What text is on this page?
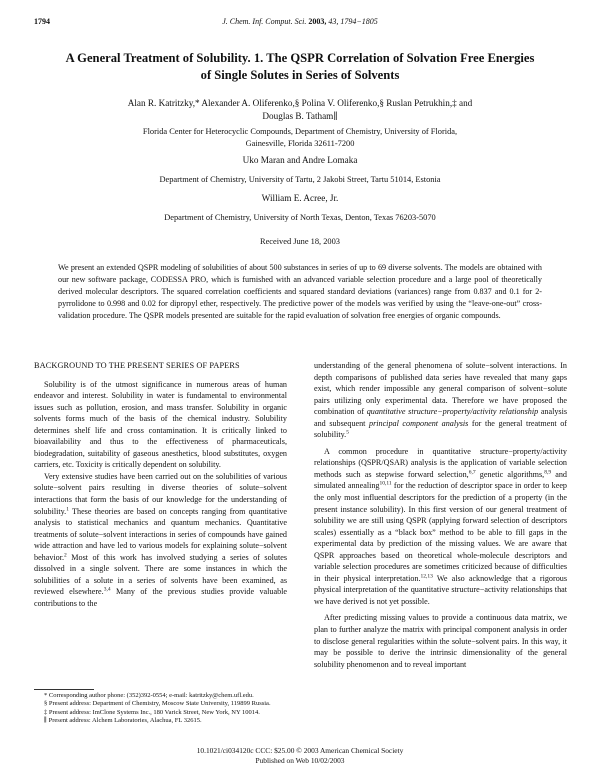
1794	J. Chem. Inf. Comput. Sci. 2003, 43, 1794−1805
A General Treatment of Solubility. 1. The QSPR Correlation of Solvation Free Energies
of Single Solutes in Series of Solvents
Alan R. Katritzky,* Alexander A. Oliferenko,§ Polina V. Oliferenko,§ Ruslan Petrukhin,‡ and
Douglas B. Tatham∥
Florida Center for Heterocyclic Compounds, Department of Chemistry, University of Florida,
Gainesville, Florida 32611-7200
Uko Maran and Andre Lomaka
Department of Chemistry, University of Tartu, 2 Jakobi Street, Tartu 51014, Estonia
William E. Acree, Jr.
Department of Chemistry, University of North Texas, Denton, Texas 76203-5070
Received June 18, 2003
We present an extended QSPR modeling of solubilities of about 500 substances in series of up to 69 diverse solvents. The models are obtained with our new software package, CODESSA PRO, which is furnished with an advanced variable selection procedure and a large pool of theoretically derived molecular descriptors. The squared correlation coefficients and squared standard deviations (variances) range from 0.837 and 0.1 for 2-pyrrolidone to 0.998 and 0.02 for dipropyl ether, respectively. The predictive power of the models was verified by using the “leave-one-out” cross-validation procedure. The QSPR models presented are suitable for the rapid evaluation of solvation free energies of organic compounds.
BACKGROUND TO THE PRESENT SERIES OF PAPERS

Solubility is of the utmost significance in numerous areas of human endeavor and interest. Solubility in water is fundamental to environmental issues such as pollution, erosion, and mass transfer. Solubility in organic solvents forms much of the basis of the chemical industry. Solubility determines shelf life and cross contamination. It is critically linked to bioavailability and thus to the effectiveness of pharmaceuticals, biodegradation, suitability of gaseous anesthetics, blood substitutes, oxygen carriers, etc. Toxicity is critically dependent on solubility.

Very extensive studies have been carried out on the solubilities of various solute−solvent pairs resulting in diverse theories of solute−solvent interactions that form the basis of our knowledge for the understanding of solubility.$^1$ These theories are based on concepts ranging from quantitative analysis to statistical mechanics and quantum mechanics. Quantitative treatments of solute−solvent interactions in series of compounds have gained wide attraction and have led to various models for explaining solute−solvent behavior.$^2$ Most of this work has involved studying a series of solutes dissolved in a single solvent. There are some instances in which the solubilities of a solute in a series of solvents have been examined, as reviewed elsewhere.$^{3,4}$ Many of the previous studies provide valuable contributions to the

* Corresponding author phone: (352)392-0554; e-mail: katritzky@chem.ufl.edu.

§ Present address: Department of Chemistry, Moscow State University, 119899 Russia.

‡ Present address: ImClone Systems Inc., 180 Varick Street, New York, NY 10014.

∥ Present address: Alchem Laboratories, Alachua, FL 32615.

understanding of the general phenomena of solute−solvent interactions. In depth comparisons of published data series have revealed that many gaps exist, which render impossible any general comparison of solvent−solute pairs utilizing only experimental data. Therefore we have proposed the combination of quantitative structure−property/activity relationship analysis and subsequent principal component analysis for the general treatment of solubility.$^5$

A common procedure in quantitative structure−property/activity relationships (QSPR/QSAR) analysis is the application of variable selection methods such as stepwise forward selection,$^{6,7}$ genetic algorithms,$^{8,9}$ and simulated annealing$^{10,11}$ for the reduction of descriptor space in order to keep the only most influential descriptors for the prediction of a property (in the present instance solubility). In this first version of our general treatment of solubility we are still using QSPR (applying forward selection of descriptors scales) essentially as a “black box” method to be able to fill gaps in the experimental data by prediction of the missing values. We are aware that QSPR approaches based on theoretical whole-molecule descriptors and variable selection procedures are sometimes criticized because of difficulties in their physical interpretation.$^{12,13}$ We also acknowledge that a rigorous physical interpretation of the quantitative structure−activity relationships that we have derived is not yet possible.

After predicting missing values to provide a continuous data matrix, we plan to further analyze the matrix with principal component analysis in order to disclose general regularities within the solute−solvent pairs. In this way, it may be possible to derive the intrinsic dimensionality of the general solubility phenomenon and to reveal important

10.1021/ci034120c CCC: $25.00 © 2003 American Chemical Society
Published on Web 10/02/2003
